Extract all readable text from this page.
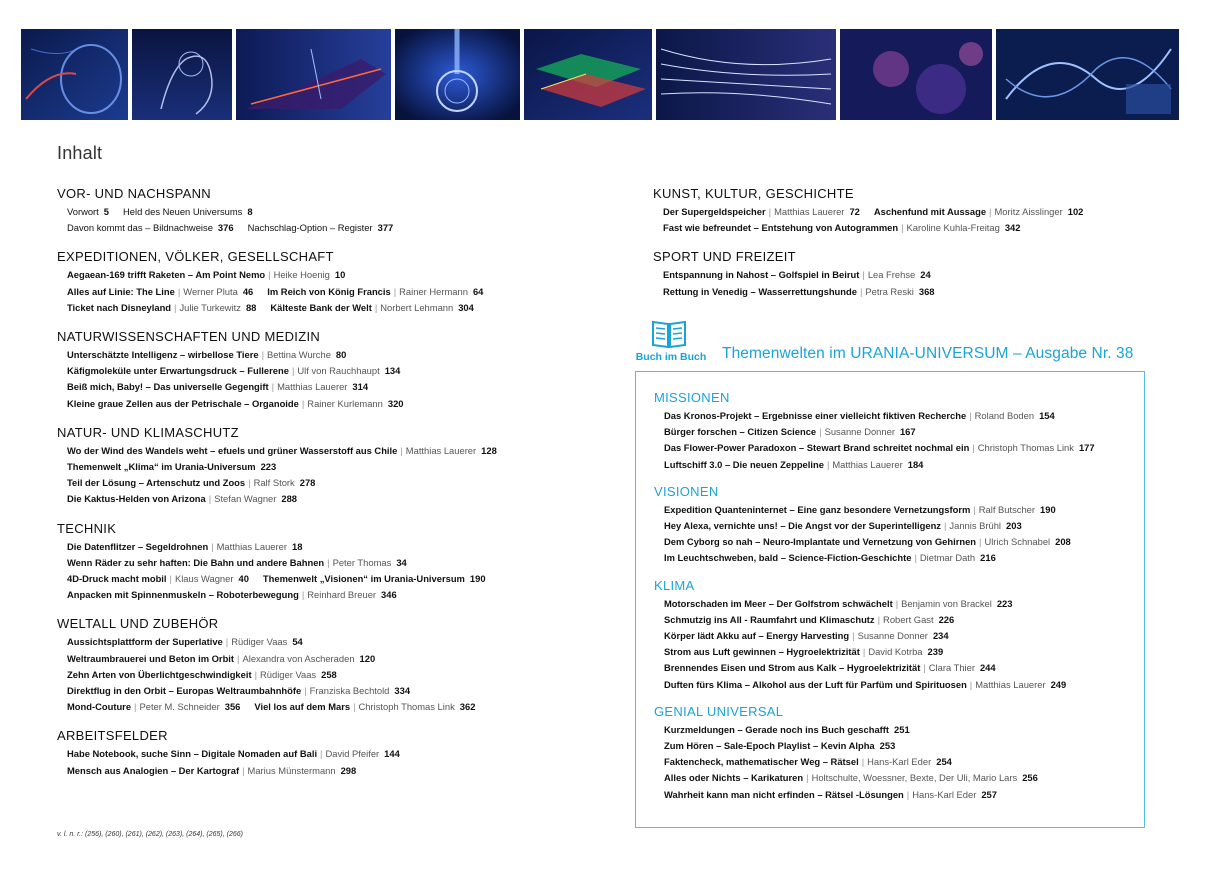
Inhalt
VOR- UND NACHSPANN
Vorwort 5 Held des Neuen Universums 8
Davon kommt das – Bildnachweise 376 Nachschlag-Option – Register 377
EXPEDITIONEN, VÖLKER, GESELLSCHAFT
Aegaean-169 trifft Raketen – Am Point Nemo | Heike Hoenig 10
Alles auf Linie: The Line | Werner Pluta 46 Im Reich von König Francis | Rainer Hermann 64
Ticket nach Disneyland | Julie Turkewitz 88 Kälteste Bank der Welt | Norbert Lehmann 304
NATURWISSENSCHAFTEN UND MEDIZIN
Unterschätzte Intelligenz – wirbellose Tiere | Bettina Wurche 80
Käfigmoleküle unter Erwartungsdruck – Fullerene | Ulf von Rauchhaupt 134
Beiß mich, Baby! – Das universelle Gegengift | Matthias Lauerer 314
Kleine graue Zellen aus der Petrischale – Organoide | Rainer Kurlemann 320
NATUR- UND KLIMASCHUTZ
Wo der Wind des Wandels weht – efuels und grüner Wasserstoff aus Chile | Matthias Lauerer 128
Themenwelt „Klima“ im Urania-Universum 223
Teil der Lösung – Artenschutz und Zoos | Ralf Stork 278
Die Kaktus-Helden von Arizona | Stefan Wagner 288
TECHNIK
Die Datenflitzer – Segeldrohnen | Matthias Lauerer 18
Wenn Räder zu sehr haften: Die Bahn und andere Bahnen | Peter Thomas 34
4D-Druck macht mobil | Klaus Wagner 40 Themenwelt „Visionen“ im Urania-Universum 190
Anpacken mit Spinnenmuskeln – Roboterbewegung | Reinhard Breuer 346
WELTALL UND ZUBEHÖR
Aussichtsplattform der Superlative | Rüdiger Vaas 54
Weltraumbrauerei und Beton im Orbit | Alexandra von Ascheraden 120
Zehn Arten von Überlichtgeschwindigkeit | Rüdiger Vaas 258
Direktflug in den Orbit – Europas Weltraumbahnhöfe | Franziska Bechtold 334
Mond-Couture | Peter M. Schneider 356 Viel los auf dem Mars | Christoph Thomas Link 362
ARBEITSFELDER
Habe Notebook, suche Sinn – Digitale Nomaden auf Bali | David Pfeifer 144
Mensch aus Analogien – Der Kartograf | Marius Münstermann 298
KUNST, KULTUR, GESCHICHTE
Der Supergeldspeicher | Matthias Lauerer 72 Aschenfund mit Aussage | Moritz Aisslinger 102
Fast wie befreundet – Entstehung von Autogrammen | Karoline Kuhla-Freitag 342
SPORT UND FREIZEIT
Entspannung in Nahost – Golfspiel in Beirut | Lea Frehse 24
Rettung in Venedig – Wasserrettungshunde | Petra Reski 368
Buch im Buch Themenwelten im URANIA-UNIVERSUM – Ausgabe Nr. 38
MISSIONEN
Das Kronos-Projekt – Ergebnisse einer vielleicht fiktiven Recherche | Roland Boden 154
Bürger forschen – Citizen Science | Susanne Donner 167
Das Flower-Power Paradoxon – Stewart Brand schreitet nochmal ein | Christoph Thomas Link 177
Luftschiff 3.0 – Die neuen Zeppeline | Matthias Lauerer 184
VISIONEN
Expedition Quanteninternet – Eine ganz besondere Vernetzungsform | Ralf Butscher 190
Hey Alexa, vernichte uns! – Die Angst vor der Superintelligenz | Jannis Brühl 203
Dem Cyborg so nah – Neuro-Implantate und Vernetzung von Gehirnen | Ulrich Schnabel 208
Im Leuchtschweben, bald – Science-Fiction-Geschichte | Dietmar Dath 216
KLIMA
Motorschaden im Meer – Der Golfstrom schwächelt | Benjamin von Brackel 223
Schmutzig ins All - Raumfahrt und Klimaschutz | Robert Gast 226
Körper lädt Akku auf – Energy Harvesting | Susanne Donner 234
Strom aus Luft gewinnen – Hygroelektrizität | David Kotrba 239
Brennendes Eisen und Strom aus Kalk – Hygroelektrizität | Clara Thier 244
Duften fürs Klima – Alkohol aus der Luft für Parfüm und Spirituosen | Matthias Lauerer 249
GENIAL UNIVERSAL
Kurzmeldungen – Gerade noch ins Buch geschafft 251
Zum Hören – Sale-Epoch Playlist – Kevin Alpha 253
Faktencheck, mathematischer Weg – Rätsel | Hans-Karl Eder 254
Alles oder Nichts – Karikaturen | Holtschulte, Woessner, Bexte, Der Uli, Mario Lars 256
Wahrheit kann man nicht erfinden – Rätsel -Lösungen | Hans-Karl Eder 257
v. l. n. r.: (256), (260), (261), (262), (263), (264), (265), (266)
